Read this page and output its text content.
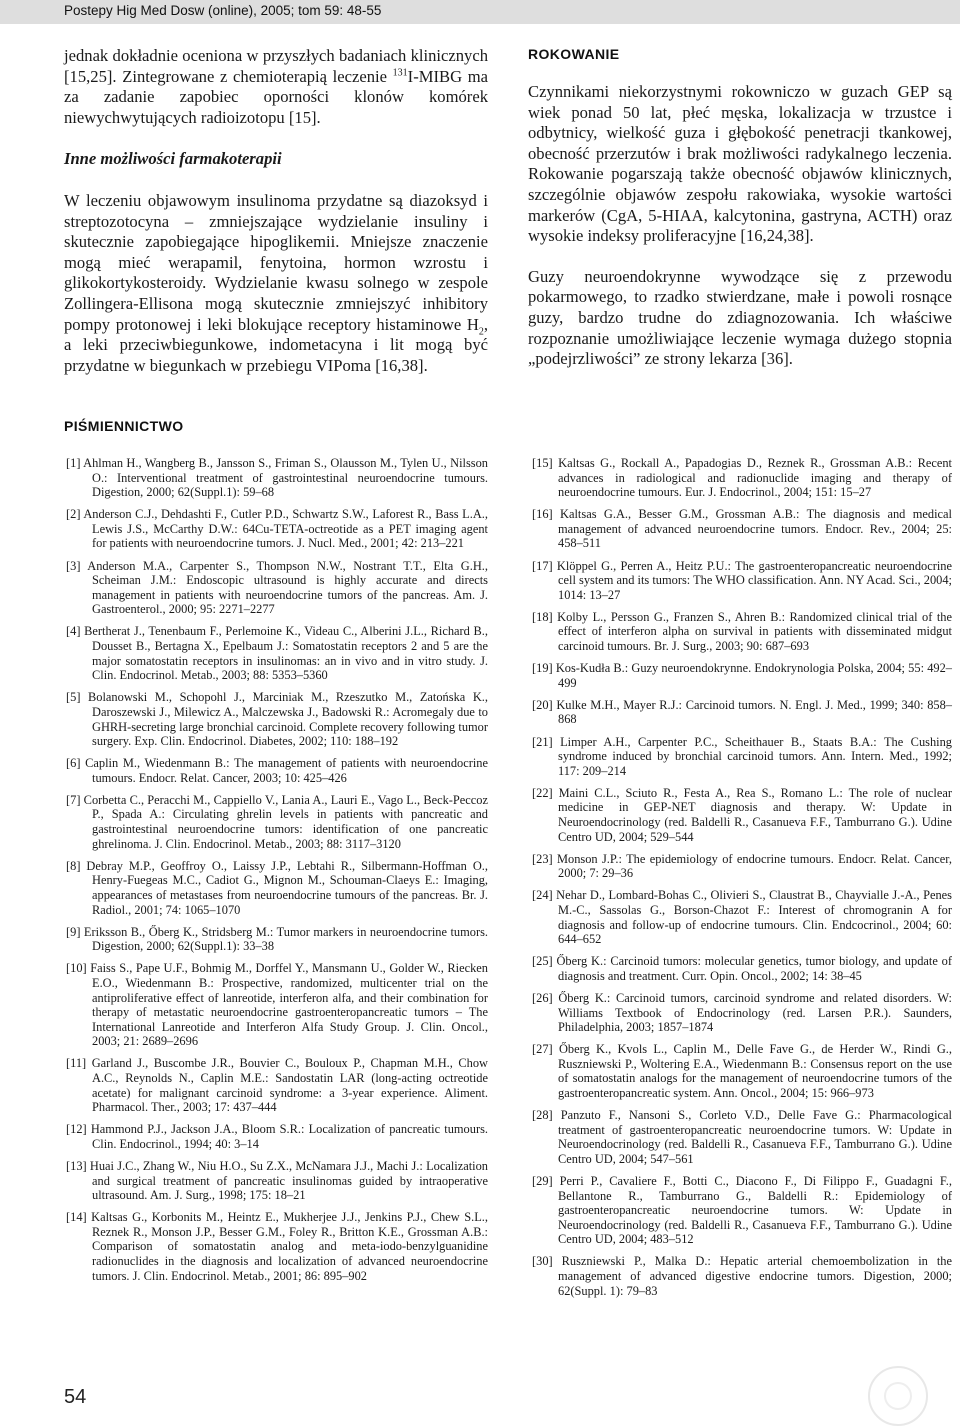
Postepy Hig Med Dosw (online), 2005; tom 59: 48-55

jednak dokładnie oceniona w przyszłych badaniach klinicznych [15,25]. Zintegrowane z chemioterapią leczenie $^{131}$I-MIBG ma za zadanie zapobiec oporności klonów komórek niewychwytujących radioizotopu [15].

Inne możliwości farmakoterapii

W leczeniu objawowym insulinoma przydatne są diazoksyd i streptozotocyna – zmniejszające wydzielanie insuliny i skutecznie zapobiegające hipoglikemii. Mniejsze znaczenie mogą mieć werapamil, fenytoina, hormon wzrostu i glikokortykosteroidy. Wydzielanie kwasu solnego w zespole Zollingera-Ellisona mogą skutecznie zmniejszyć inhibitory pompy protonowej i leki blokujące receptory histaminowe $H_2$, a leki przeciwbiegunkowe, indometacyna i lit mogą być przydatne w biegunkach w przebiegu VIPoma [16,38].

ROKOWANIE

Czynnikami niekorzystnymi rokowniczo w guzach GEP są wiek ponad 50 lat, płeć męska, lokalizacja w trzustce i odbytnicy, wielkość guza i głębokość penetracji tkankowej, obecność przerzutów i brak możliwości radykalnego leczenia. Rokowanie pogarszają także obecność objawów klinicznych, szczególnie objawów zespołu rakowiaka, wysokie wartości markerów (CgA, 5-HIAA, kalcytonina, gastryna, ACTH) oraz wysokie indeksy proliferacyjne [16,24,38].

Guzy neuroendokrynne wywodzące się z przewodu pokarmowego, to rzadko stwierdzane, małe i powoli rosnące guzy, bardzo trudne do zdiagnozowania. Ich właściwe rozpoznanie umożliwiające leczenie wymaga dużego stopnia „podejrzliwości” ze strony lekarza [36].

PIŚMIENNICTWO

[1] Ahlman H., Wangberg B., Jansson S., Friman S., Olausson M., Tylen U., Nilsson O.: Interventional treatment of gastrointestinal neuroendocrine tumours. Digestion, 2000; 62(Suppl.1): 59–68

[2] Anderson C.J., Dehdashti F., Cutler P.D., Schwartz S.W., Laforest R., Bass L.A., Lewis J.S., McCarthy D.W.: 64Cu-TETA-octreotide as a PET imaging agent for patients with neuroendocrine tumors. J. Nucl. Med., 2001; 42: 213–221

[3] Anderson M.A., Carpenter S., Thompson N.W., Nostrant T.T., Elta G.H., Scheiman J.M.: Endoscopic ultrasound is highly accurate and directs management in patients with neuroendocrine tumors of the pancreas. Am. J. Gastroenterol., 2000; 95: 2271–2277

[4] Bertherat J., Tenenbaum F., Perlemoine K., Videau C., Alberini J.L., Richard B., Dousset B., Bertagna X., Epelbaum J.: Somatostatin receptors 2 and 5 are the major somatostatin receptors in insulinomas: an in vivo and in vitro study. J. Clin. Endocrinol. Metab., 2003; 88: 5353–5360

[5] Bolanowski M., Schopohl J., Marciniak M., Rzeszutko M., Zatońska K., Daroszewski J., Milewicz A., Malczewska J., Badowski R.: Acromegaly due to GHRH-secreting large bronchial carcinoid. Complete recovery following tumor surgery. Exp. Clin. Endocrinol. Diabetes, 2002; 110: 188–192

[6] Caplin M., Wiedenmann B.: The management of patients with neuroendocrine tumours. Endocr. Relat. Cancer, 2003; 10: 425–426

[7] Corbetta C., Peracchi M., Cappiello V., Lania A., Lauri E., Vago L., Beck-Peccoz P., Spada A.: Circulating ghrelin levels in patients with pancreatic and gastrointestinal neuroendocrine tumors: identification of one pancreatic ghrelinoma. J. Clin. Endocrinol. Metab., 2003; 88: 3117–3120

[8] Debray M.P., Geoffroy O., Laissy J.P., Lebtahi R., Silbermann-Hoffman O., Henry-Fuegeas M.C., Cadiot G., Mignon M., Schouman-Claeys E.: Imaging, appearances of metastases from neuroendocrine tumours of the pancreas. Br. J. Radiol., 2001; 74: 1065–1070

[9] Eriksson B., Őberg K., Stridsberg M.: Tumor markers in neuroendocrine tumors. Digestion, 2000; 62(Suppl.1): 33–38

[10] Faiss S., Pape U.F., Bohmig M., Dorffel Y., Mansmann U., Golder W., Riecken E.O., Wiedenmann B.: Prospective, randomized, multicenter trial on the antiproliferative effect of lanreotide, interferon alfa, and their combination for therapy of metastatic neuroendocrine gastroenteropancreatic tumors – The International Lanreotide and Interferon Alfa Study Group. J. Clin. Oncol., 2003; 21: 2689–2696

[11] Garland J., Buscombe J.R., Bouvier C., Bouloux P., Chapman M.H., Chow A.C., Reynolds N., Caplin M.E.: Sandostatin LAR (long-acting octreotide acetate) for malignant carcinoid syndrome: a 3-year experience. Aliment. Pharmacol. Ther., 2003; 17: 437–444

[12] Hammond P.J., Jackson J.A., Bloom S.R.: Localization of pancreatic tumours. Clin. Endocrinol., 1994; 40: 3–14

[13] Huai J.C., Zhang W., Niu H.O., Su Z.X., McNamara J.J., Machi J.: Localization and surgical treatment of pancreatic insulinomas guided by intraoperative ultrasound. Am. J. Surg., 1998; 175: 18–21

[14] Kaltsas G., Korbonits M., Heintz E., Mukherjee J.J., Jenkins P.J., Chew S.L., Reznek R., Monson J.P., Besser G.M., Foley R., Britton K.E., Grossman A.B.: Comparison of somatostatin analog and meta-iodo-benzylguanidine radionuclides in the diagnosis and localization of advanced neuroendocrine tumors. J. Clin. Endocrinol. Metab., 2001; 86: 895–902

[15] Kaltsas G., Rockall A., Papadogias D., Reznek R., Grossman A.B.: Recent advances in radiological and radionuclide imaging and therapy of neuroendocrine tumours. Eur. J. Endocrinol., 2004; 151: 15–27

[16] Kaltsas G.A., Besser G.M., Grossman A.B.: The diagnosis and medical management of advanced neuroendocrine tumors. Endocr. Rev., 2004; 25: 458–511

[17] Klöppel G., Perren A., Heitz P.U.: The gastroenteropancreatic neuroendocrine cell system and its tumors: The WHO classification. Ann. NY Acad. Sci., 2004; 1014: 13–27

[18] Kolby L., Persson G., Franzen S., Ahren B.: Randomized clinical trial of the effect of interferon alpha on survival in patients with disseminated midgut carcinoid tumours. Br. J. Surg., 2003; 90: 687–693

[19] Kos-Kudła B.: Guzy neuroendokrynne. Endokrynologia Polska, 2004; 55: 492–499

[20] Kulke M.H., Mayer R.J.: Carcinoid tumors. N. Engl. J. Med., 1999; 340: 858–868

[21] Limper A.H., Carpenter P.C., Scheithauer B., Staats B.A.: The Cushing syndrome induced by bronchial carcinoid tumors. Ann. Intern. Med., 1992; 117: 209–214

[22] Maini C.L., Sciuto R., Festa A., Rea S., Romano L.: The role of nuclear medicine in GEP-NET diagnosis and therapy. W: Update in Neuroendocrinology (red. Baldelli R., Casanueva F.F., Tamburrano G.). Udine Centro UD, 2004; 529–544

[23] Monson J.P.: The epidemiology of endocrine tumours. Endocr. Relat. Cancer, 2000; 7: 29–36

[24] Nehar D., Lombard-Bohas C., Olivieri S., Claustrat B., Chayvialle J.-A., Penes M.-C., Sassolas G., Borson-Chazot F.: Interest of chromogranin A for diagnosis and follow-up of endocrine tumours. Clin. Endcocrinol., 2004; 60: 644–652

[25] Őberg K.: Carcinoid tumors: molecular genetics, tumor biology, and update of diagnosis and treatment. Curr. Opin. Oncol., 2002; 14: 38–45

[26] Őberg K.: Carcinoid tumors, carcinoid syndrome and related disorders. W: Williams Textbook of Endocrinology (red. Larsen P.R.). Saunders, Philadelphia, 2003; 1857–1874

[27] Őberg K., Kvols L., Caplin M., Delle Fave G., de Herder W., Rindi G., Ruszniewski P., Woltering E.A., Wiedenmann B.: Consensus report on the use of somatostatin analogs for the management of neuroendocrine tumors of the gastroenteropancreatic system. Ann. Oncol., 2004; 15: 966–973

[28] Panzuto F., Nansoni S., Corleto V.D., Delle Fave G.: Pharmacological treatment of gastroenteropancreatic neuroendocrine tumors. W: Update in Neuroendocrinology (red. Baldelli R., Casanueva F.F., Tamburrano G.). Udine Centro UD, 2004; 547–561

[29] Perri P., Cavaliere F., Botti C., Diacono F., Di Filippo F., Guadagni F., Bellantone R., Tamburrano G., Baldelli R.: Epidemiology of gastroenteropancreatic neuroendocrine tumors. W: Update in Neuroendocrinology (red. Baldelli R., Casanueva F.F., Tamburrano G.). Udine Centro UD, 2004; 483–512

[30] Ruszniewski P., Malka D.: Hepatic arterial chemoembolization in the management of advanced digestive endocrine tumors. Digestion, 2000; 62(Suppl. 1): 79–83

54
